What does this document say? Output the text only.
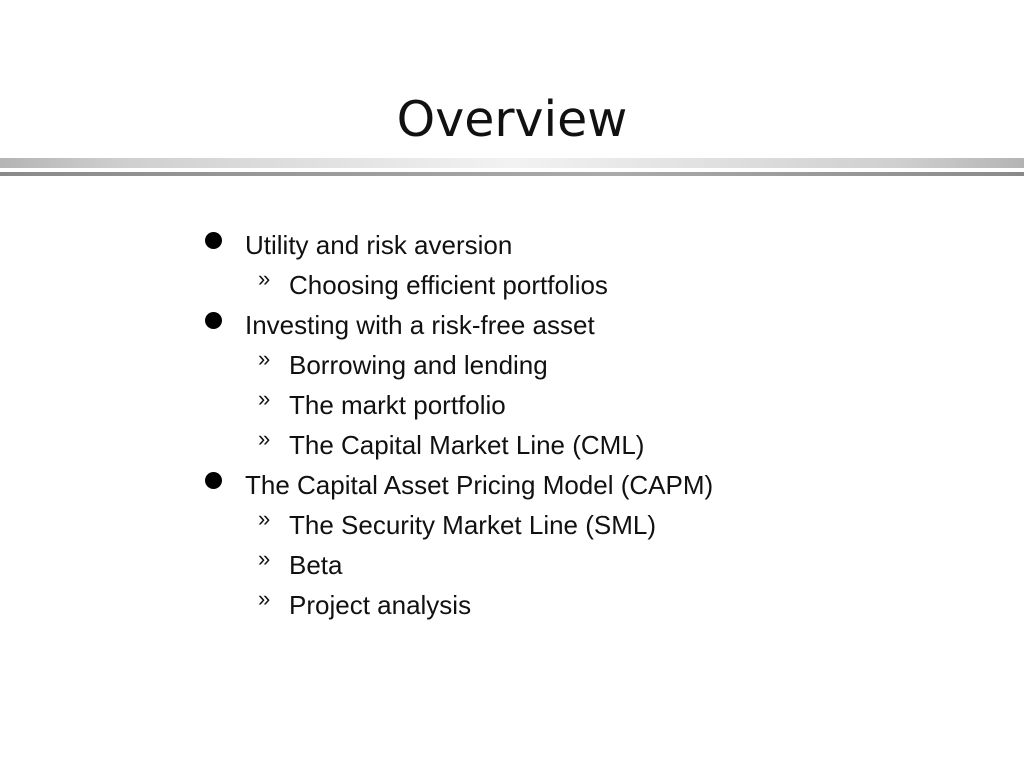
Overview
Utility and risk aversion
» Choosing efficient portfolios
Investing with a risk-free asset
» Borrowing and lending
» The markt portfolio
» The Capital Market Line (CML)
The Capital Asset Pricing Model (CAPM)
» The Security Market Line (SML)
» Beta
» Project analysis
